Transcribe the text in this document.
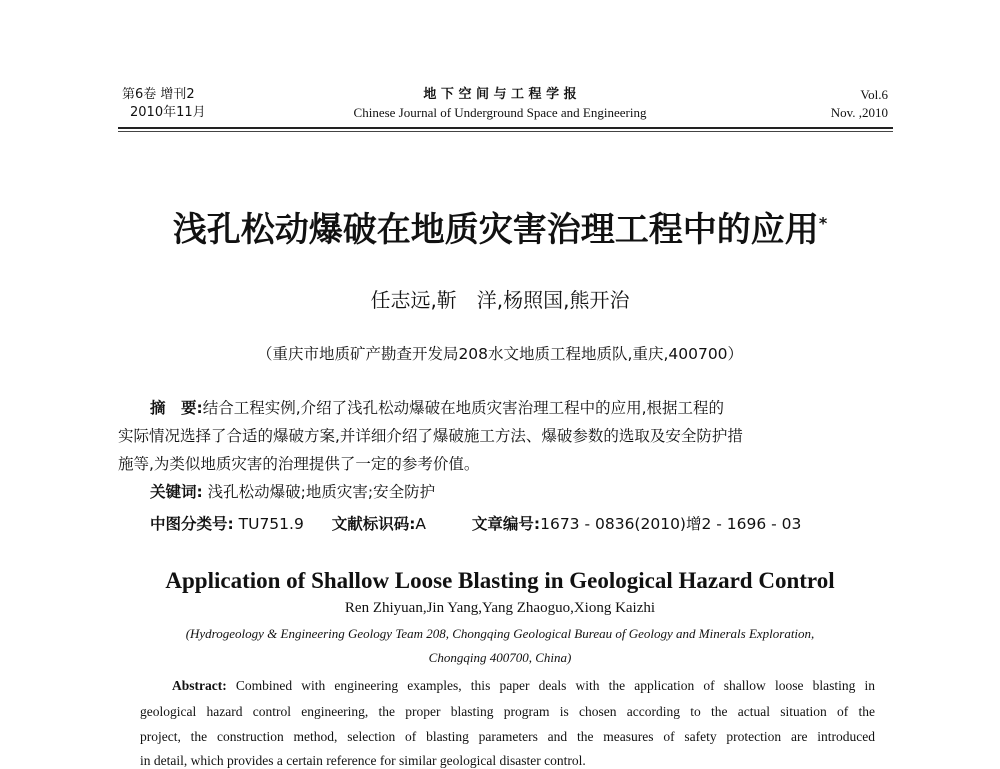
第6卷 增刊2
2010年11月
地 下 空 间 与 工 程 学 报
Chinese Journal of Underground Space and Engineering
Vol.6
Nov. ,2010
浅孔松动爆破在地质灾害治理工程中的应用*
任志远,靳　洋,杨照国,熊开治
（重庆市地质矿产勘查开发局208水文地质工程地质队,重庆,400700）
摘　要:结合工程实例,介绍了浅孔松动爆破在地质灾害治理工程中的应用,根据工程的
实际情况选择了合适的爆破方案,并详细介绍了爆破施工方法、爆破参数的选取及安全防护措
施等,为类似地质灾害的治理提供了一定的参考价值。
关键词: 浅孔松动爆破;地质灾害;安全防护
中图分类号: TU751.9 文献标识码:A	文章编号:1673 - 0836(2010)增2 - 1696 - 03
Application of Shallow Loose Blasting in Geological Hazard Control
Ren Zhiyuan,Jin Yang,Yang Zhaoguo,Xiong Kaizhi
(Hydrogeology & Engineering Geology Team 208, Chongqing Geological Bureau of Geology and Minerals Exploration,
Chongqing 400700, China)
Abstract: Combined with engineering examples, this paper deals with the application of shallow loose blasting in
geological hazard control engineering, the proper blasting program is chosen according to the actual situation of the
project, the construction method, selection of blasting parameters and the measures of safety protection are introduced
in detail, which provides a certain reference for similar geological disaster control.
